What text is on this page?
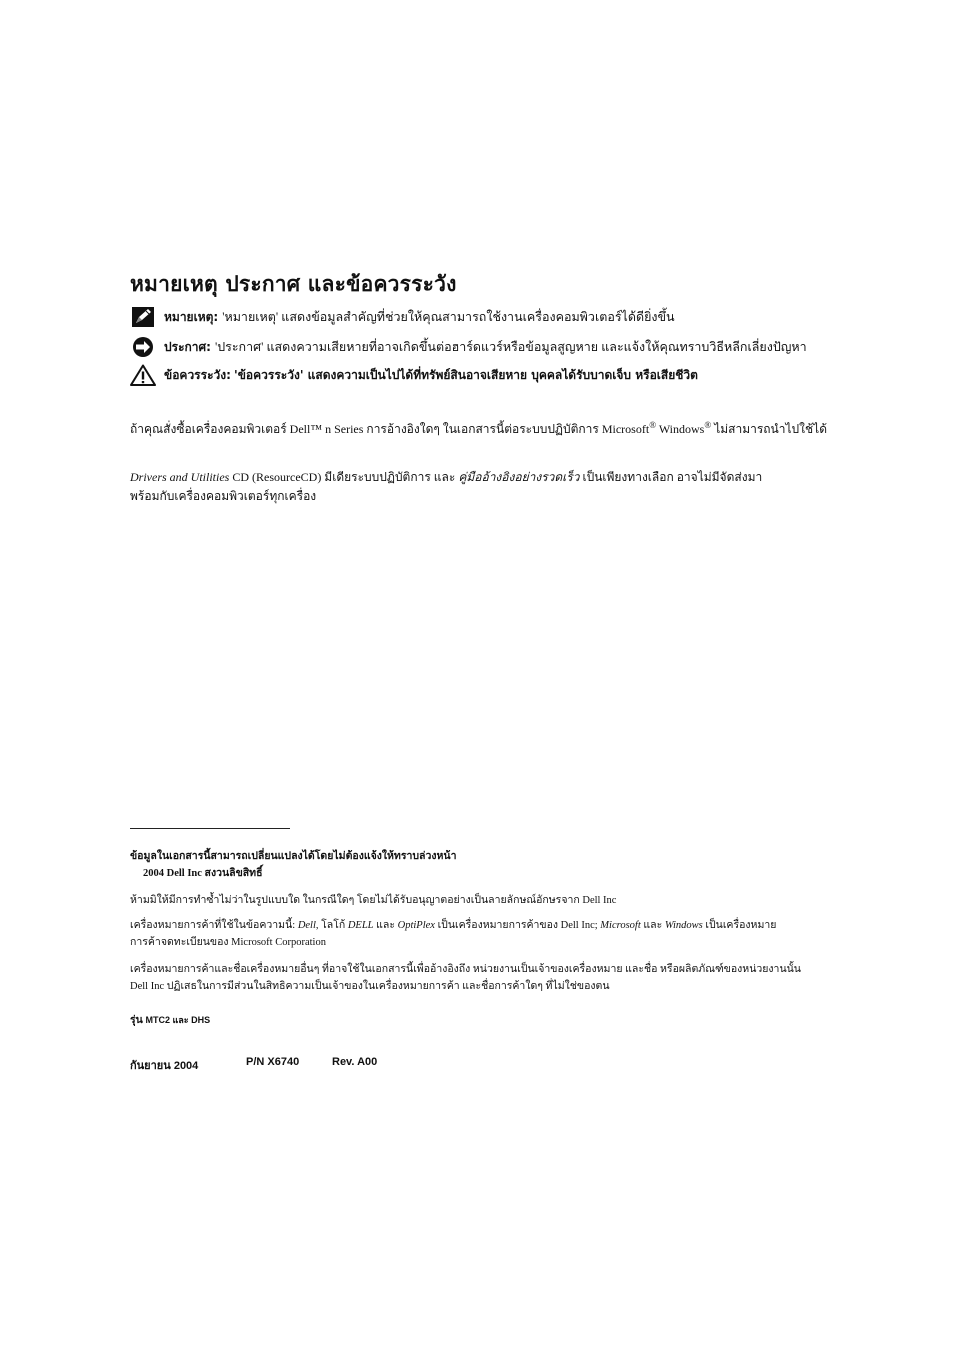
หมายเหตุ ประกาศ และข้อควรระวัง
หมายเหตุ: 'หมายเหตุ' แสดงข้อมูลสำคัญที่ช่วยให้คุณสามารถใช้งานเครื่องคอมพิวเตอร์ได้ดียิ่งขึ้น
ประกาศ: 'ประกาศ' แสดงความเสียหายที่อาจเกิดขึ้นต่อฮาร์ดแวร์หรือข้อมูลสูญหาย และแจ้งให้คุณทราบวิธีหลีกเลี่ยงปัญหา
ข้อควรระวัง:
'ข้อควรระวัง' แสดงความเป็นไปได้ที่ทรัพย์สินอาจเสียหาย บุคคลได้รับบาดเจ็บ หรือเสียชีวิต
ถ้าคุณสั่งซื้อเครื่องคอมพิวเตอร์ Dell™ n Series การอ้างอิงใดๆ ในเอกสารนี้ต่อระบบปฏิบัติการ Microsoft® Windows® ไม่สามารถนำไปใช้ได้
Drivers and Utilities CD (ResourceCD) มีเดียระบบปฏิบัติการ และ คู่มืออ้างอิงอย่างรวดเร็ว เป็นเพียงทางเลือก อาจไม่มีจัดส่งมา
พร้อมกับเครื่องคอมพิวเตอร์ทุกเครื่อง
ข้อมูลในเอกสารนี้สามารถเปลี่ยนแปลงได้โดยไม่ต้องแจ้งให้ทราบล่วงหน้า
2004 Dell Inc สงวนลิขสิทธิ์
ห้ามมิให้มีการทำซ้ำไม่ว่าในรูปแบบใด ในกรณีใดๆ โดยไม่ได้รับอนุญาตอย่างเป็นลายลักษณ์อักษรจาก Dell Inc
เครื่องหมายการค้าที่ใช้ในข้อความนี้: Dell, โลโก้ DELL และ OptiPlex เป็นเครื่องหมายการค้าของ Dell Inc; Microsoft และ Windows เป็นเครื่องหมาย
การค้าจดทะเบียนของ Microsoft Corporation
เครื่องหมายการค้าและชื่อเครื่องหมายอื่นๆ ที่อาจใช้ในเอกสารนี้เพื่ออ้างอิงถึง หน่วยงานเป็นเจ้าของเครื่องหมาย และชื่อ หรือผลิตภัณฑ์ของหน่วยงานนั้น
Dell Inc ปฏิเสธในการมีส่วนในสิทธิความเป็นเจ้าของในเครื่องหมายการค้า และชื่อการค้าใดๆ ที่ไม่ใช่ของตน
รุ่น MTC2 และ DHS
กันยายน 2004	P/N X6740	Rev. A00
